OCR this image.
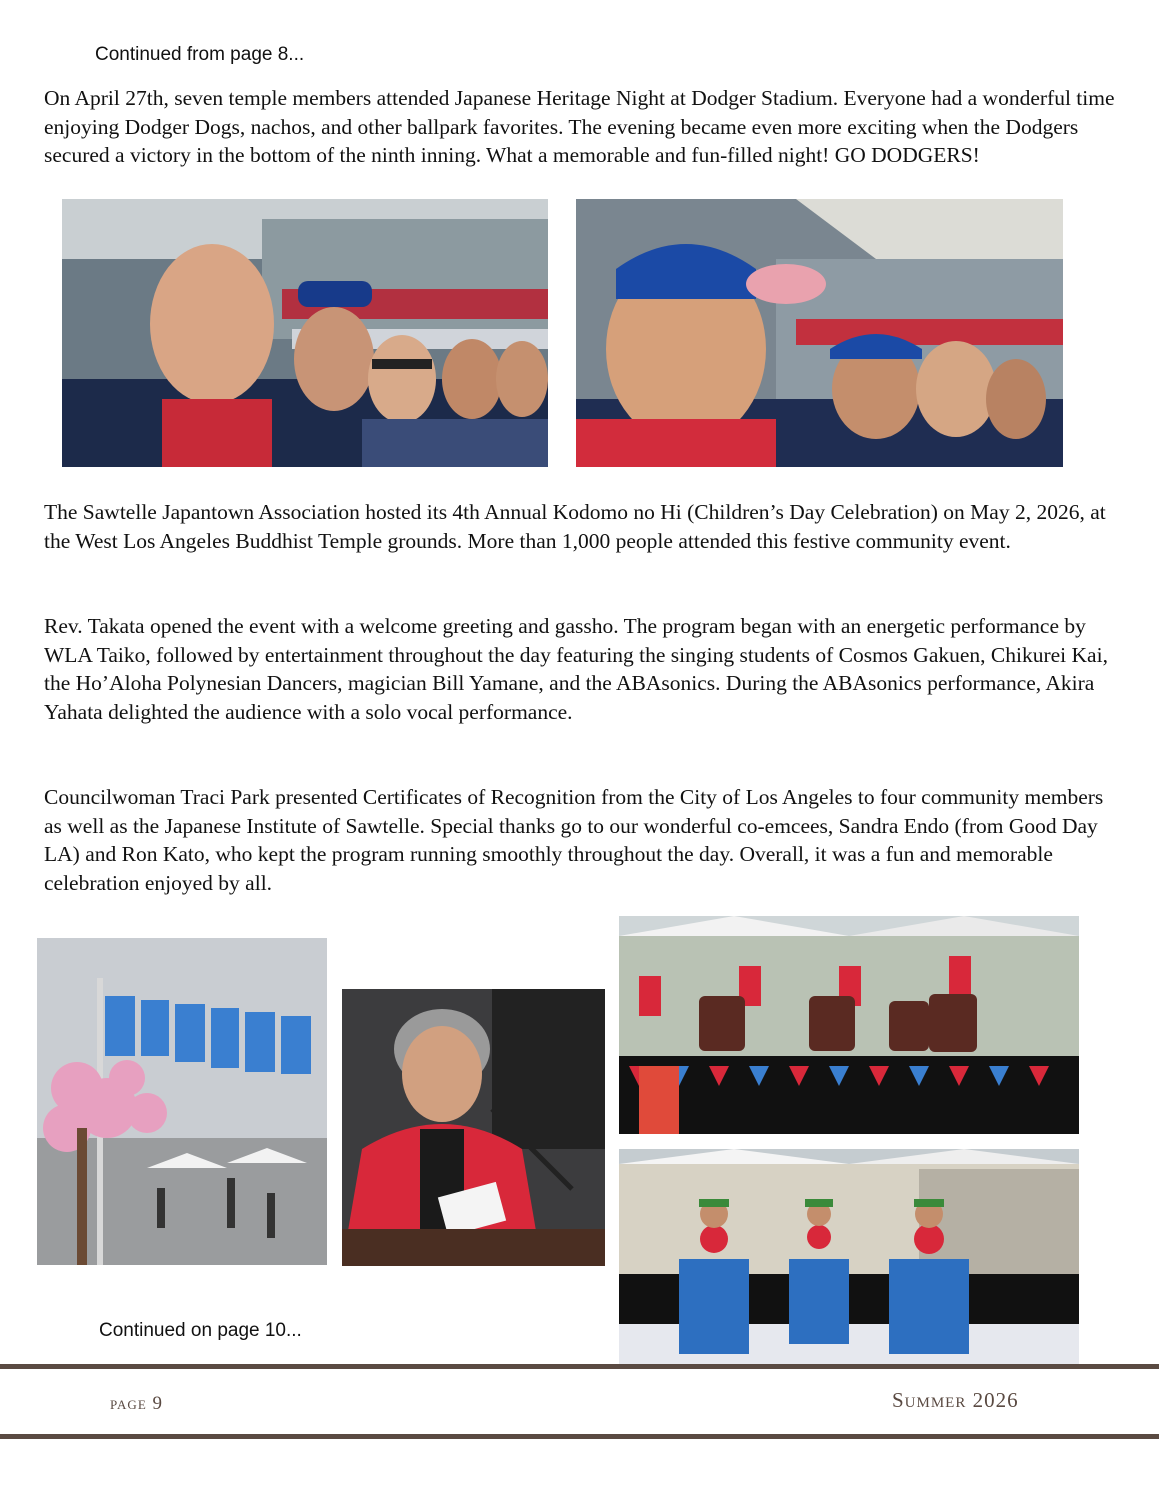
Continued from page 8...

On April 27th, seven temple members attended Japanese Heritage Night at Dodger Stadium. Everyone had a wonderful time enjoying Dodger Dogs, nachos, and other ballpark favorites. The evening became even more exciting when the Dodgers secured a victory in the bottom of the ninth inning. What a memorable and fun-filled night! GO DODGERS!

The Sawtelle Japantown Association hosted its 4th Annual Kodomo no Hi (Children’s Day Celebration) on May 2, 2026, at the West Los Angeles Buddhist Temple grounds. More than 1,000 people attended this festive community event.

Rev. Takata opened the event with a welcome greeting and gassho. The program began with an energetic performance by WLA Taiko, followed by entertainment throughout the day featuring the singing students of Cosmos Gakuen, Chikurei Kai, the Ho’Aloha Polynesian Dancers, magician Bill Yamane, and the ABAsonics. During the ABAsonics performance, Akira Yahata delighted the audience with a solo vocal performance.

Councilwoman Traci Park presented Certificates of Recognition from the City of Los Angeles to four community members as well as the Japanese Institute of Sawtelle. Special thanks go to our wonderful co-emcees, Sandra Endo (from Good Day LA) and Ron Kato, who kept the program running smoothly throughout the day. Overall, it was a fun and memorable celebration enjoyed by all.

Continued on page 10...
page 9	Summer 2026
